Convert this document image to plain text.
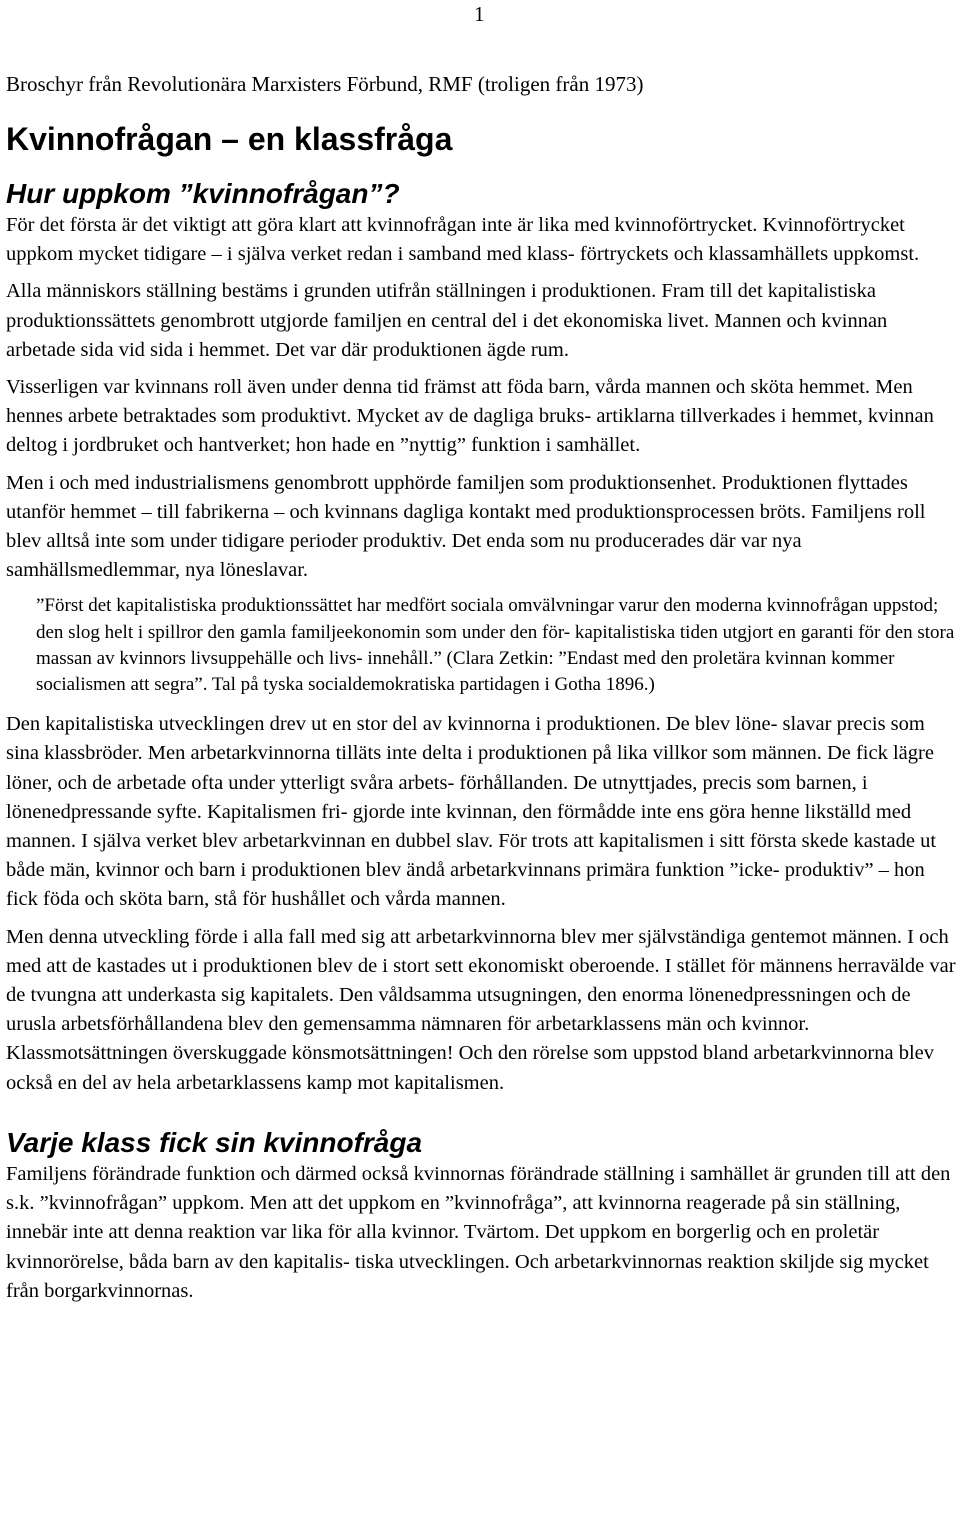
1

Broschyr från Revolutionära Marxisters Förbund, RMF (troligen från 1973)

Kvinnofrågan – en klassfråga
Hur uppkom ”kvinnofrågan”?

För det första är det viktigt att göra klart att kvinnofrågan inte är lika med kvinnoförtrycket. Kvinnoförtrycket uppkom mycket tidigare – i själva verket redan i samband med klass- förtryckets och klassamhällets uppkomst.

Alla människors ställning bestäms i grunden utifrån ställningen i produktionen. Fram till det kapitalistiska produktionssättets genombrott utgjorde familjen en central del i det ekonomiska livet. Mannen och kvinnan arbetade sida vid sida i hemmet. Det var där produktionen ägde rum.

Visserligen var kvinnans roll även under denna tid främst att föda barn, vårda mannen och sköta hemmet. Men hennes arbete betraktades som produktivt. Mycket av de dagliga bruks- artiklarna tillverkades i hemmet, kvinnan deltog i jordbruket och hantverket; hon hade en ”nyttig” funktion i samhället.

Men i och med industrialismens genombrott upphörde familjen som produktionsenhet. Produktionen flyttades utanför hemmet – till fabrikerna – och kvinnans dagliga kontakt med produktionsprocessen bröts. Familjens roll blev alltså inte som under tidigare perioder produktiv. Det enda som nu producerades där var nya samhällsmedlemmar, nya löneslavar.

”Först det kapitalistiska produktionssättet har medfört sociala omvälvningar varur den moderna kvinnofrågan uppstod; den slog helt i spillror den gamla familjeekonomin som under den för- kapitalistiska tiden utgjort en garanti för den stora massan av kvinnors livsuppehälle och livs- innehåll.” (Clara Zetkin: ”Endast med den proletära kvinnan kommer socialismen att segra”. Tal på tyska socialdemokratiska partidagen i Gotha 1896.)

Den kapitalistiska utvecklingen drev ut en stor del av kvinnorna i produktionen. De blev löne- slavar precis som sina klassbröder. Men arbetarkvinnorna tilläts inte delta i produktionen på lika villkor som männen. De fick lägre löner, och de arbetade ofta under ytterligt svåra arbets- förhållanden. De utnyttjades, precis som barnen, i lönenedpressande syfte. Kapitalismen fri- gjorde inte kvinnan, den förmådde inte ens göra henne likställd med mannen. I själva verket blev arbetarkvinnan en dubbel slav. För trots att kapitalismen i sitt första skede kastade ut både män, kvinnor och barn i produktionen blev ändå arbetarkvinnans primära funktion ”icke- produktiv” – hon fick föda och sköta barn, stå för hushållet och vårda mannen.

Men denna utveckling förde i alla fall med sig att arbetarkvinnorna blev mer självständiga gentemot männen. I och med att de kastades ut i produktionen blev de i stort sett ekonomiskt oberoende. I stället för männens herravälde var de tvungna att underkasta sig kapitalets. Den våldsamma utsugningen, den enorma lönenedpressningen och de urusla arbetsförhållandena blev den gemensamma nämnaren för arbetarklassens män och kvinnor. Klassmotsättningen överskuggade könsmotsättningen! Och den rörelse som uppstod bland arbetarkvinnorna blev också en del av hela arbetarklassens kamp mot kapitalismen.

Varje klass fick sin kvinnofråga

Familjens förändrade funktion och därmed också kvinnornas förändrade ställning i samhället är grunden till att den s.k. ”kvinnofrågan” uppkom. Men att det uppkom en ”kvinnofråga”, att kvinnorna reagerade på sin ställning, innebär inte att denna reaktion var lika för alla kvinnor. Tvärtom. Det uppkom en borgerlig och en proletär kvinnorörelse, båda barn av den kapitalis- tiska utvecklingen. Och arbetarkvinnornas reaktion skiljde sig mycket från borgarkvinnornas.
